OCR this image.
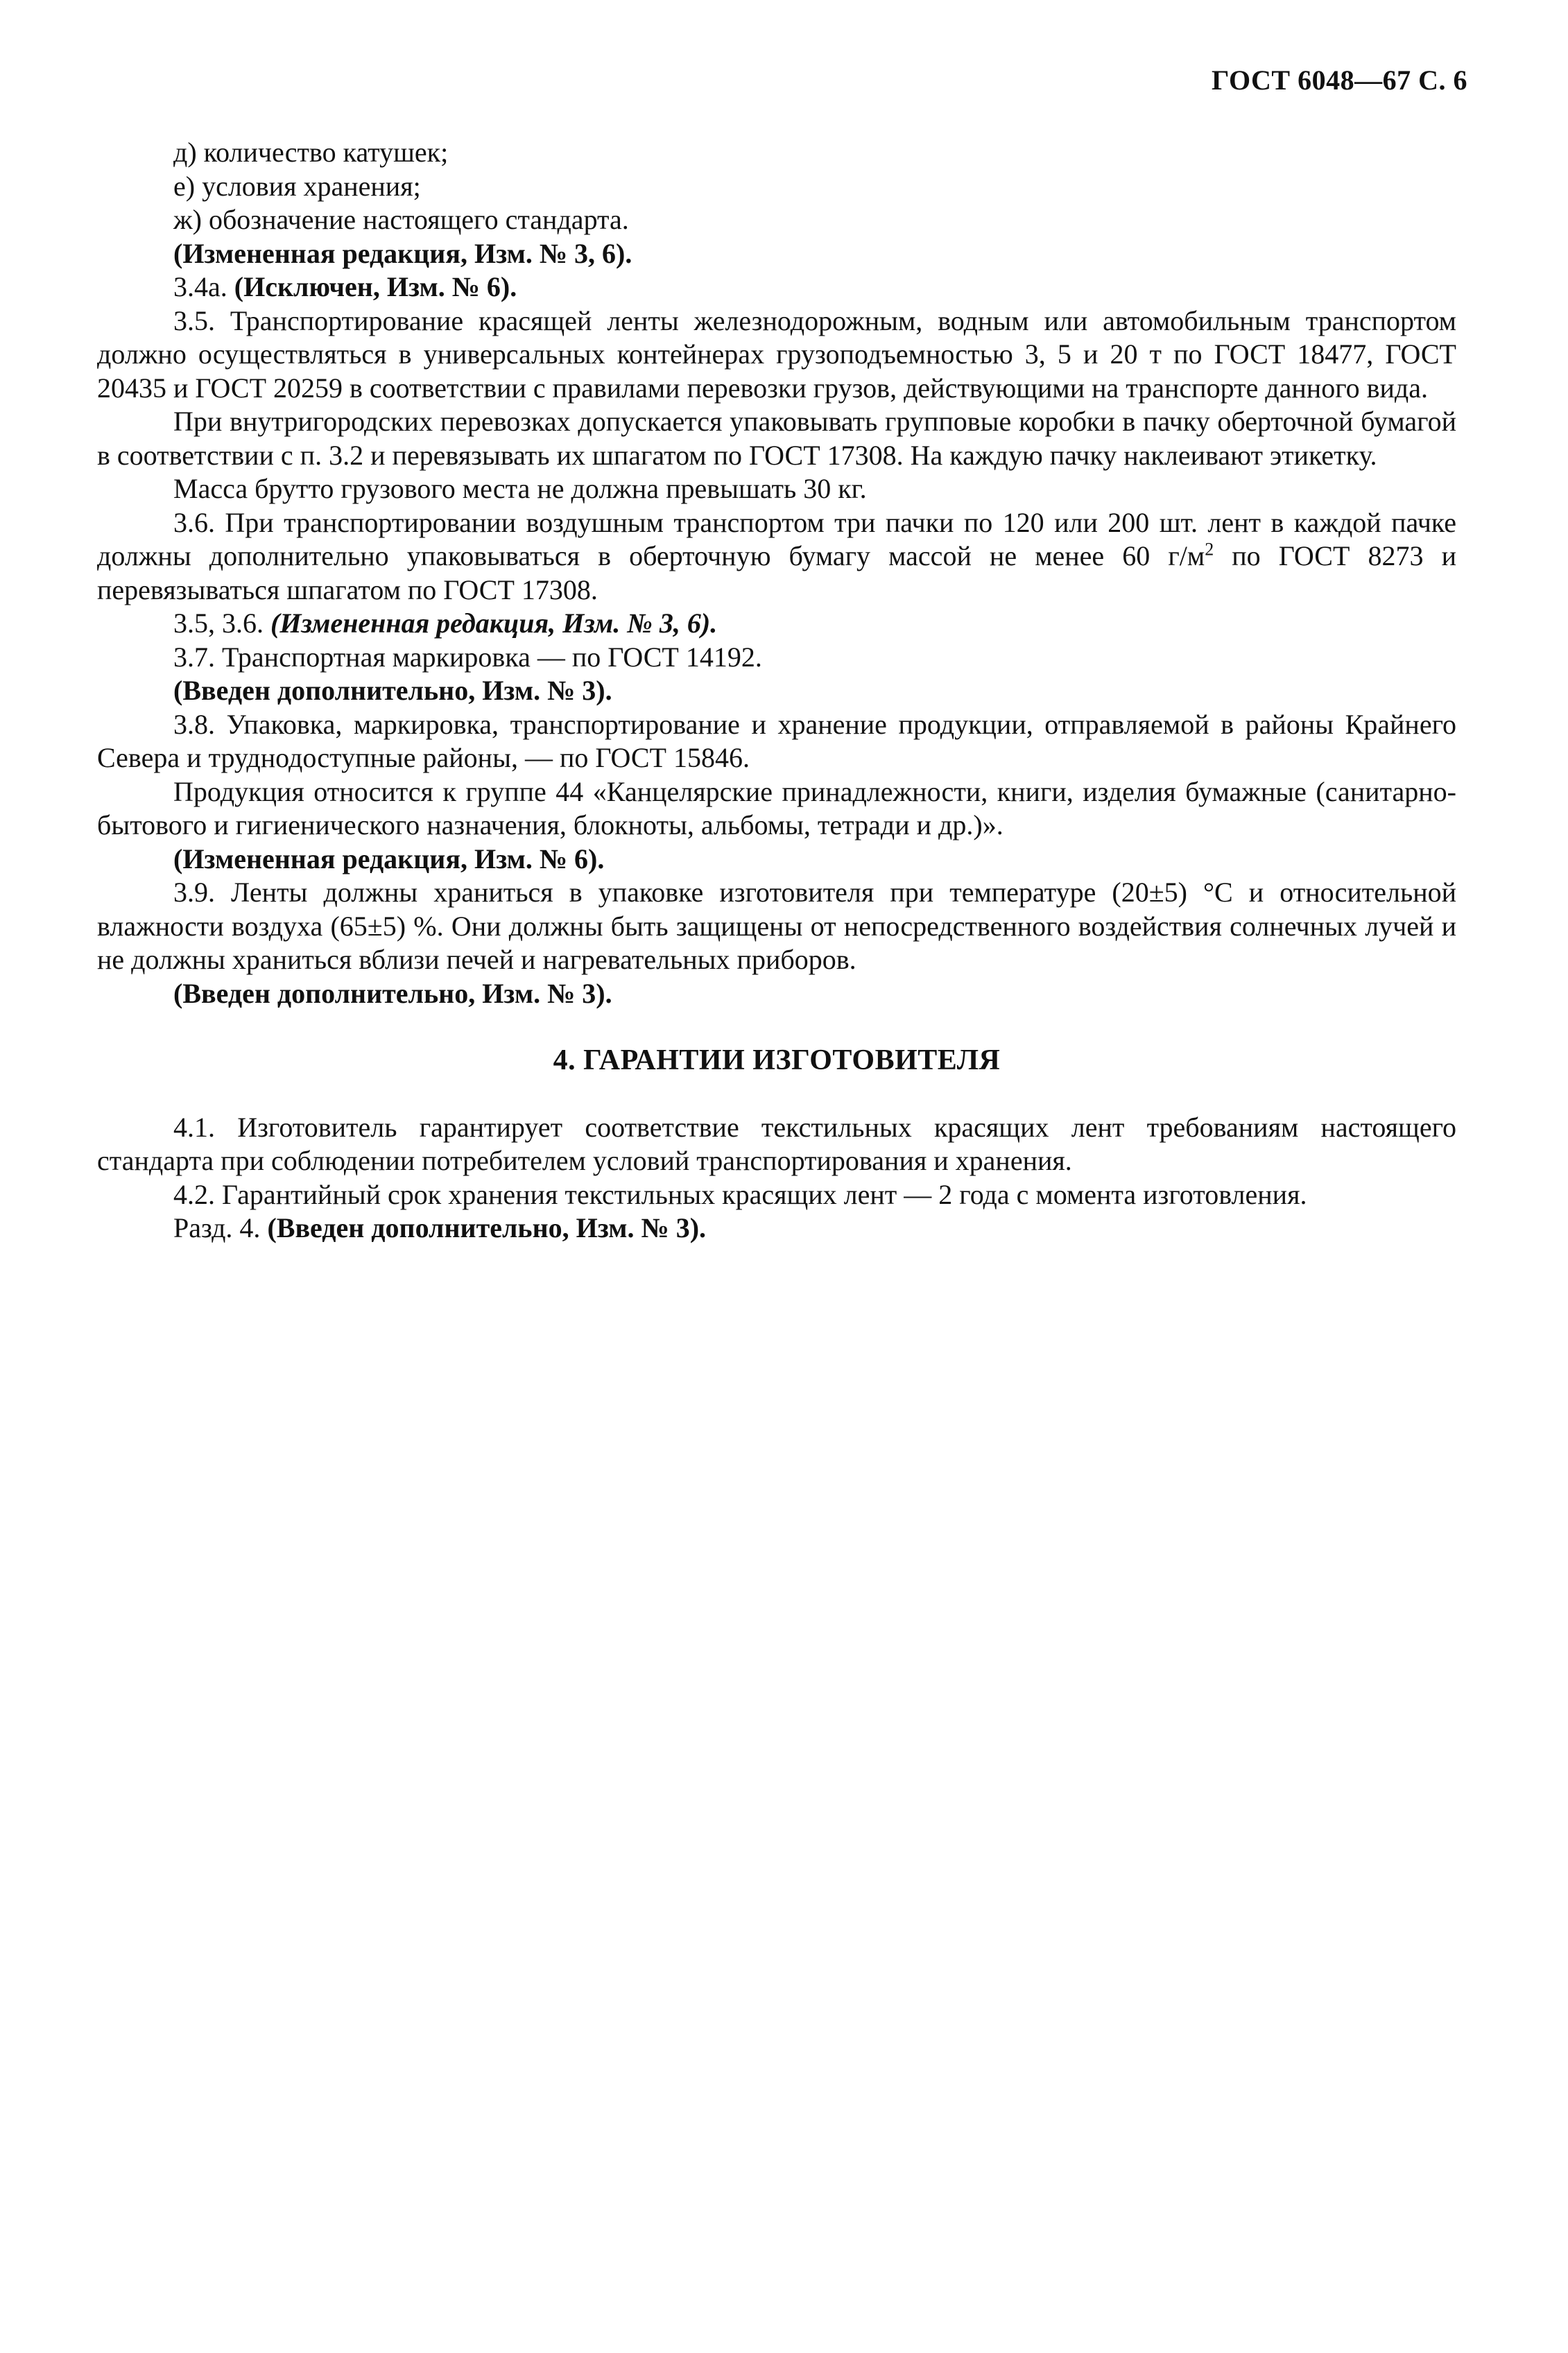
ГОСТ 6048—67 С. 6

д) количество катушек;

е) условия хранения;

ж) обозначение настоящего стандарта.

(Измененная редакция, Изм. № 3, 6).

3.4а. (Исключен, Изм. № 6).

3.5. Транспортирование красящей ленты железнодорожным, водным или автомобильным транспортом должно осуществляться в универсальных контейнерах грузоподъемностью 3, 5 и 20 т по ГОСТ 18477, ГОСТ 20435 и ГОСТ 20259 в соответствии с правилами перевозки грузов, действующими на транспорте данного вида.

При внутригородских перевозках допускается упаковывать групповые коробки в пачку оберточной бумагой в соответствии с п. 3.2 и перевязывать их шпагатом по ГОСТ 17308. На каждую пачку наклеивают этикетку.

Масса брутто грузового места не должна превышать 30 кг.

3.6. При транспортировании воздушным транспортом три пачки по 120 или 200 шт. лент в каждой пачке должны дополнительно упаковываться в оберточную бумагу массой не менее 60 $г/м^2$ по ГОСТ 8273 и перевязываться шпагатом по ГОСТ 17308.

3.5, 3.6. (Измененная редакция, Изм. № 3, 6).

3.7. Транспортная маркировка — по ГОСТ 14192.

(Введен дополнительно, Изм. № 3).

3.8. Упаковка, маркировка, транспортирование и хранение продукции, отправляемой в районы Крайнего Севера и труднодоступные районы, — по ГОСТ 15846.

Продукция относится к группе 44 «Канцелярские принадлежности, книги, изделия бумажные (санитарно-бытового и гигиенического назначения, блокноты, альбомы, тетради и др.)».

(Измененная редакция, Изм. № 6).

3.9. Ленты должны храниться в упаковке изготовителя при температуре (20±5) °С и относительной влажности воздуха (65±5) %. Они должны быть защищены от непосредственного воздействия солнечных лучей и не должны храниться вблизи печей и нагревательных приборов.

(Введен дополнительно, Изм. № 3).

4. ГАРАНТИИ ИЗГОТОВИТЕЛЯ

4.1. Изготовитель гарантирует соответствие текстильных красящих лент требованиям настоящего стандарта при соблюдении потребителем условий транспортирования и хранения.

4.2. Гарантийный срок хранения текстильных красящих лент — 2 года с момента изготовления.

Разд. 4. (Введен дополнительно, Изм. № 3).
